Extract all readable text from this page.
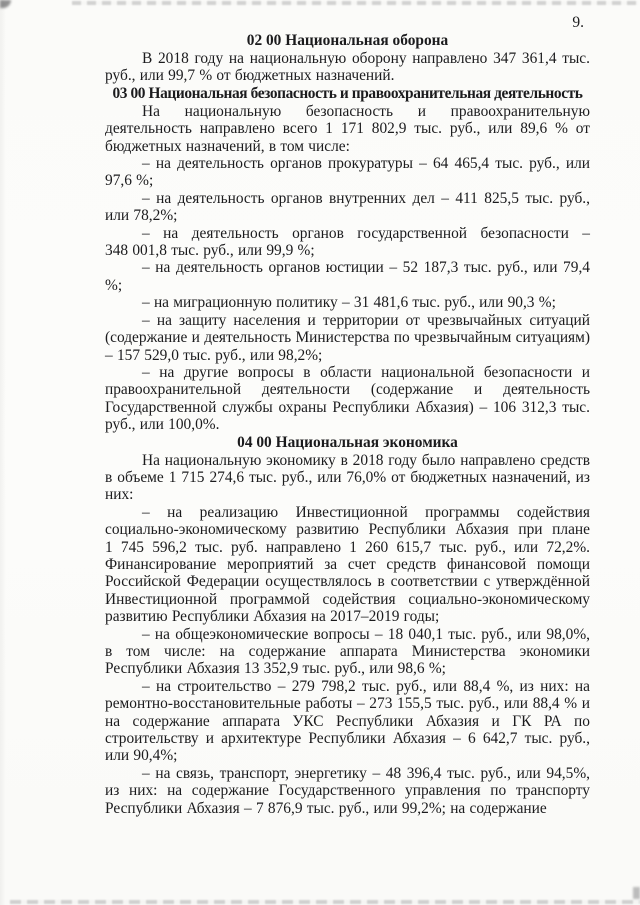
9.
02 00 Национальная оборона

В 2018 году на национальную оборону направлено 347 361,4 тыс. руб., или 99,7 % от бюджетных назначений.

03 00 Национальная безопасность и правоохранительная деятельность

На национальную безопасность и правоохранительную деятельность направлено всего 1 171 802,9 тыс. руб., или 89,6 % от бюджетных назначений, в том числе:

– на деятельность органов прокуратуры – 64 465,4 тыс. руб., или 97,6 %;

– на деятельность органов внутренних дел – 411 825,5 тыс. руб., или 78,2%;

– на деятельность органов государственной безопасности – 348 001,8 тыс. руб., или 99,9 %;

– на деятельность органов юстиции – 52 187,3 тыс. руб., или 79,4 %;

– на миграционную политику – 31 481,6 тыс. руб., или 90,3 %;

– на защиту населения и территории от чрезвычайных ситуаций (содержание и деятельность Министерства по чрезвычайным ситуациям) – 157 529,0 тыс. руб., или 98,2%;

– на другие вопросы в области национальной безопасности и правоохранительной деятельности (содержание и деятельность Государственной службы охраны Республики Абхазия) – 106 312,3 тыс. руб., или 100,0%.

04 00 Национальная экономика

На национальную экономику в 2018 году было направлено средств в объеме 1 715 274,6 тыс. руб., или 76,0% от бюджетных назначений, из них:

– на реализацию Инвестиционной программы содействия социально-экономическому развитию Республики Абхазия при плане 1 745 596,2 тыс. руб. направлено 1 260 615,7 тыс. руб., или 72,2%. Финансирование мероприятий за счет средств финансовой помощи Российской Федерации осуществлялось в соответствии с утверждённой Инвестиционной программой содействия социально-экономическому развитию Республики Абхазия на 2017–2019 годы;

– на общеэкономические вопросы – 18 040,1 тыс. руб., или 98,0%, в том числе: на содержание аппарата Министерства экономики Республики Абхазия 13 352,9 тыс. руб., или 98,6 %;

– на строительство – 279 798,2 тыс. руб., или 88,4 %, из них: на ремонтно-восстановительные работы – 273 155,5 тыс. руб., или 88,4 % и на содержание аппарата УКС Республики Абхазия и ГК РА по строительству и архитектуре Республики Абхазия – 6 642,7 тыс. руб., или 90,4%;

– на связь, транспорт, энергетику – 48 396,4 тыс. руб., или 94,5%, из них: на содержание Государственного управления по транспорту Республики Абхазия – 7 876,9 тыс. руб., или 99,2%; на содержание
